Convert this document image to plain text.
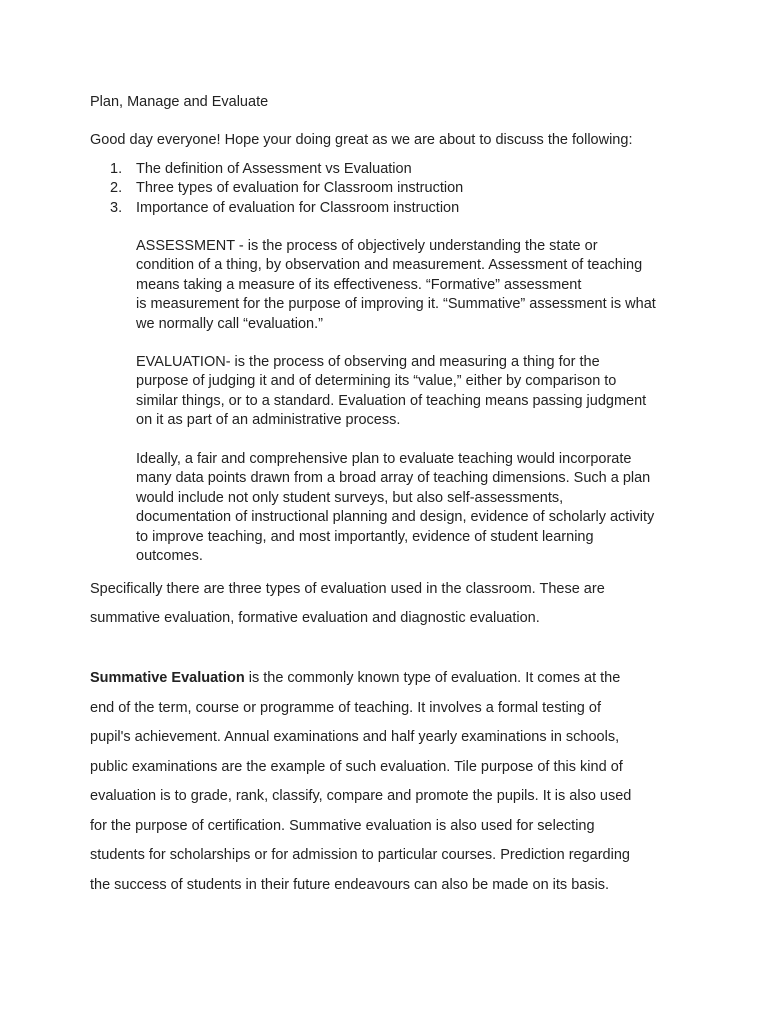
Plan, Manage and Evaluate

Good day everyone! Hope your doing great as we are about to discuss the following:

1. The definition of Assessment vs Evaluation
2. Three types of evaluation for Classroom instruction
3. Importance of evaluation for Classroom instruction

ASSESSMENT - is the process of objectively understanding the state or

condition of a thing, by observation and measurement. Assessment of teaching

means taking a measure of its effectiveness. “Formative” assessment

is measurement for the purpose of improving it. “Summative” assessment is what

we normally call “evaluation.”

EVALUATION- is the process of observing and measuring a thing for the

purpose of judging it and of determining its “value,” either by comparison to

similar things, or to a standard. Evaluation of teaching means passing judgment

on it as part of an administrative process.

Ideally, a fair and comprehensive plan to evaluate teaching would incorporate

many data points drawn from a broad array of teaching dimensions. Such a plan

would include not only student surveys, but also self-assessments,

documentation of instructional planning and design, evidence of scholarly activity

to improve teaching, and most importantly, evidence of student learning

outcomes.

Specifically there are three types of evaluation used in the classroom. These are

summative evaluation, formative evaluation and diagnostic evaluation.

Summative Evaluation is the commonly known type of evaluation. It comes at the

end of the term, course or programme of teaching. It involves a formal testing of

pupil's achievement. Annual examinations and half yearly examinations in schools,

public examinations are the example of such evaluation. Tile purpose of this kind of

evaluation is to grade, rank, classify, compare and promote the pupils. It is also used

for the purpose of certification. Summative evaluation is also used for selecting

students for scholarships or for admission to particular courses. Prediction regarding

the success of students in their future endeavours can also be made on its basis.
